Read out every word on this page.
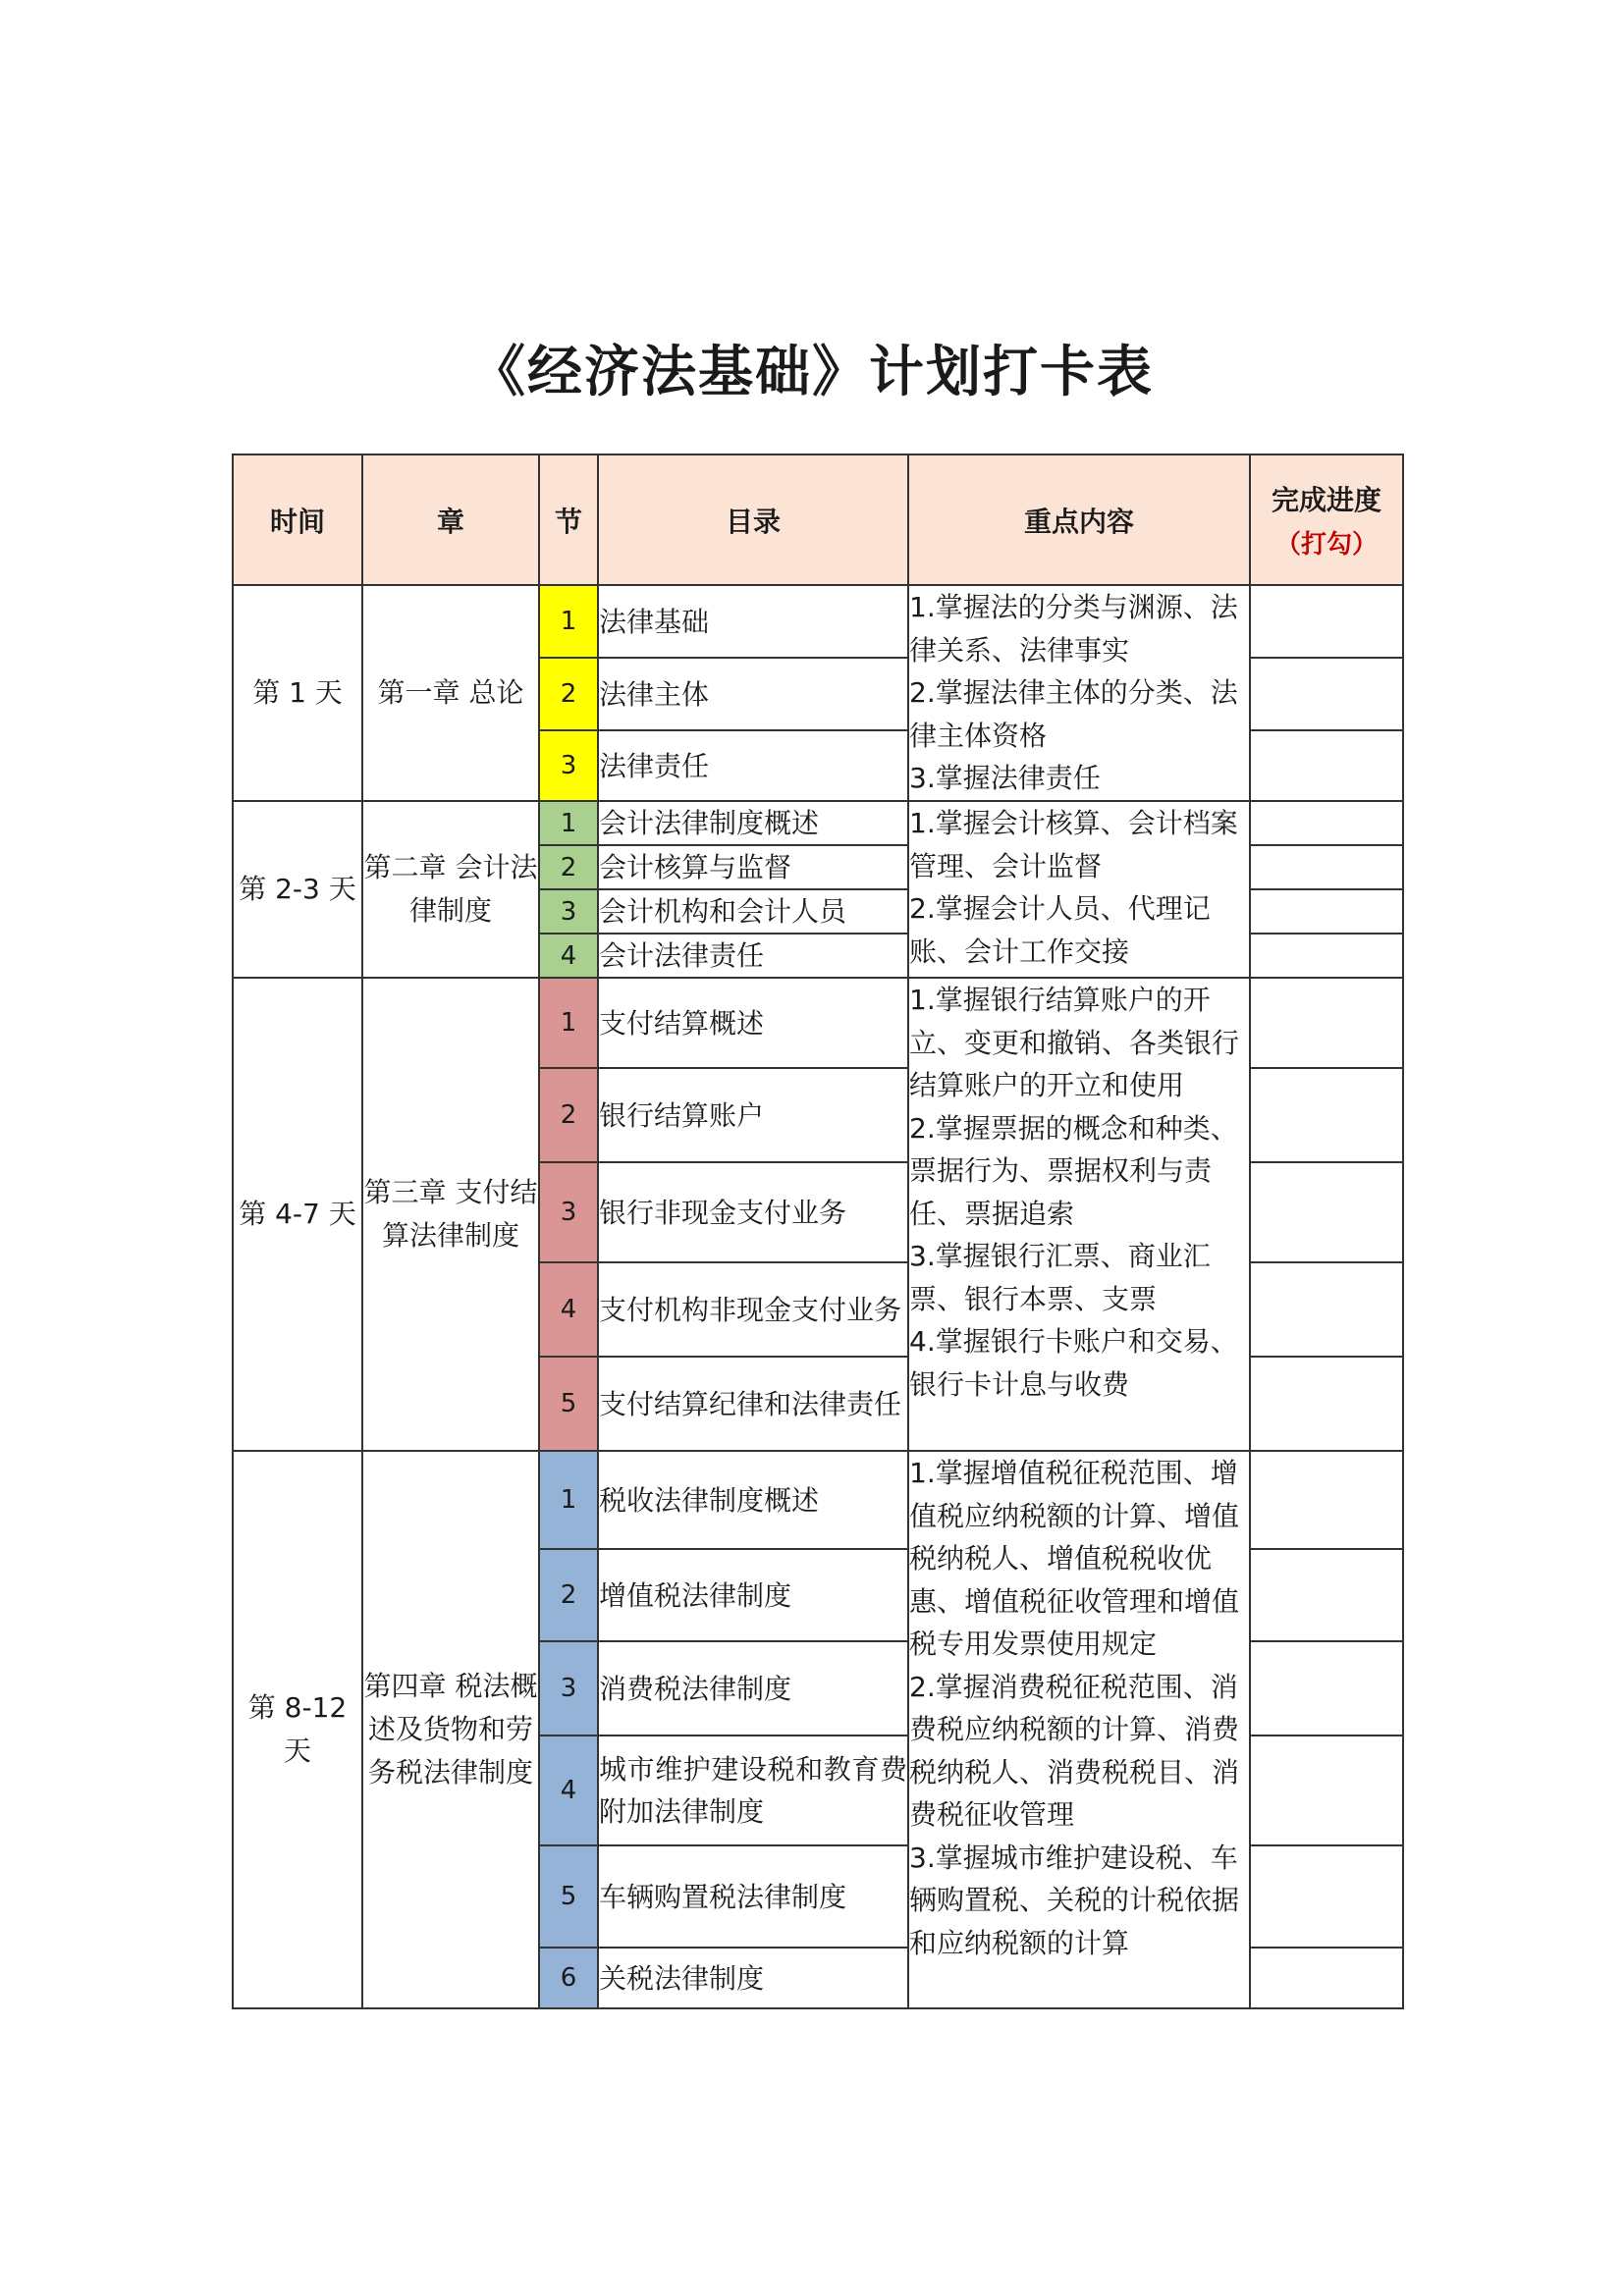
《经济法基础》计划打卡表
时间	章	节	目录	重点内容	完成进度
（打勾）

第 1 天	第一章 总论	1	法律基础	1.掌握法的分类与渊源、法律关系、法律事实
2.掌握法律主体的分类、法律主体资格
3.掌握法律责任	

		2	法律主体		
		3	法律责任		
第 2-3 天	第二章 会计法律制度	1	会计法律制度概述	1.掌握会计核算、会计档案管理、会计监督
2.掌握会计人员、代理记账、会计工作交接	

		2	会计核算与监督		
		3	会计机构和会计人员		
		4	会计法律责任		
第 4-7 天	第三章 支付结算法律制度	1	支付结算概述	1.掌握银行结算账户的开立、变更和撤销、各类银行结算账户的开立和使用
2.掌握票据的概念和种类、票据行为、票据权利与责任、票据追索
3.掌握银行汇票、商业汇票、银行本票、支票
4.掌握银行卡账户和交易、银行卡计息与收费	

		2	银行结算账户		
		3	银行非现金支付业务		
		4	支付机构非现金支付业务		
		5	支付结算纪律和法律责任		
第 8-12 天	第四章 税法概述及货物和劳务税法律制度	1	税收法律制度概述	1.掌握增值税征税范围、增值税应纳税额的计算、增值税纳税人、增值税税收优惠、增值税征收管理和增值税专用发票使用规定
2.掌握消费税征税范围、消费税应纳税额的计算、消费税纳税人、消费税税目、消费税征收管理
3.掌握城市维护建设税、车辆购置税、关税的计税依据和应纳税额的计算	

		2	增值税法律制度		
		3	消费税法律制度		
		4	城市维护建设税和教育费附加法律制度		
		5	车辆购置税法律制度		
		6	关税法律制度		
